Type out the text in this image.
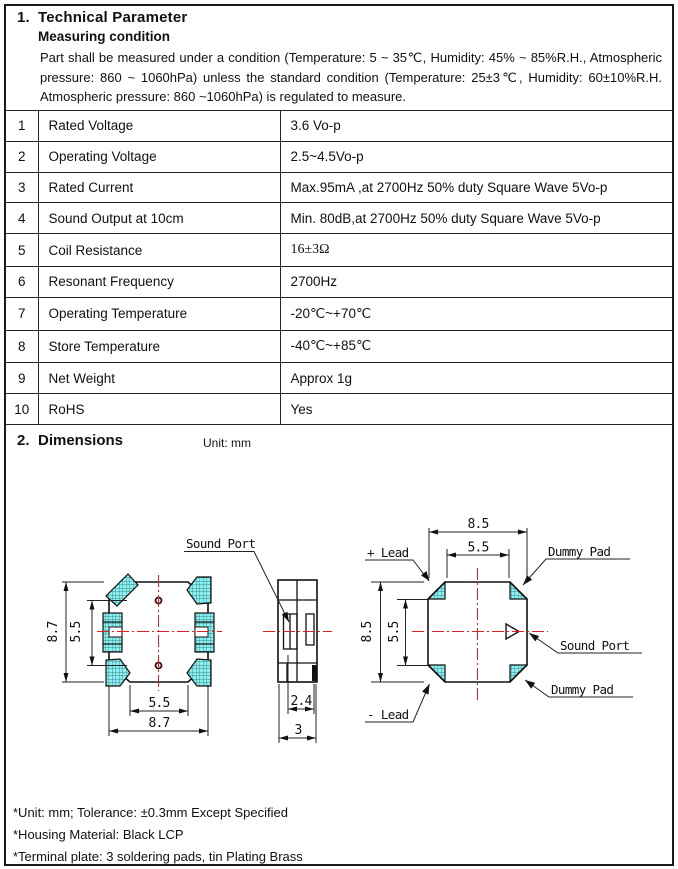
1. Technical Parameter
Measuring condition
Part shall be measured under a condition (Temperature: 5 ~ 35℃, Humidity: 45% ~ 85%R.H., Atmospheric pressure: 860 ~ 1060hPa) unless the standard condition (Temperature: 25±3℃, Humidity: 60±10%R.H. Atmospheric pressure: 860 ~1060hPa) is regulated to measure.
1	Rated Voltage	3.6 Vo-p
2	Operating Voltage	2.5~4.5Vo-p
3	Rated Current	Max.95mA ,at 2700Hz 50% duty Square Wave 5Vo-p
4	Sound Output at 10cm	Min. 80dB,at 2700Hz 50% duty Square Wave 5Vo-p
5	Coil Resistance	16±3Ω
6	Resonant Frequency	2700Hz
7	Operating Temperature	-20℃~+70℃
8	Store Temperature	-40℃~+85℃
9	Net Weight	Approx 1g
10	RoHS	Yes
2. Dimensions	Unit: mm
8.7 5.5
5.5
8.7
2.4
3
Sound Port
8.5
5.5
8.5 5.5
+ Lead	Dummy Pad
Sound Port
Dummy Pad
- Lead
*Unit: mm; Tolerance: ±0.3mm Except Specified
*Housing Material: Black LCP
*Terminal plate: 3 soldering pads, tin Plating Brass
